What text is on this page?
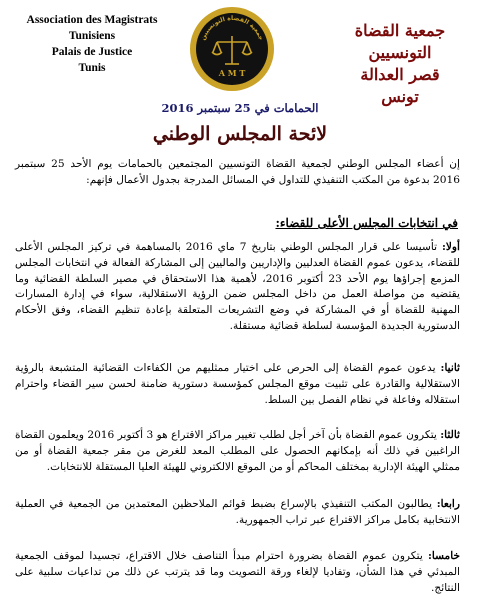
Association des Magistrats
Tunisiens
Palais de Justice
Tunis
جمعية القضاة التونسيين
A M T
جمعية القضاة التونسيين
قصر العدالة
تونس
الحمامات في 25 سبتمبر 2016
لائحة المجلس الوطني
إن أعضاء المجلس الوطني لجمعية القضاة التونسيين المجتمعين بالحمامات يوم الأحد 25 سبتمبر 2016 بدعوة من المكتب التنفيذي للتداول في المسائل المدرجة بجدول الأعمال فإنهم:
في انتخابات المجلس الأعلى للقضاء:
أولا: تأسيسا على قرار المجلس الوطني بتاريخ 7 ماي 2016 بالمساهمة في تركيز المجلس الأعلى للقضاء، يدعون عموم القضاة العدليين والإداريين والماليين إلى المشاركة الفعالة في انتخابات المجلس المزمع إجراؤها يوم الأحد 23 أكتوبر 2016، لأهمية هذا الاستحقاق في مصير السلطة القضائية وما يقتضيه من مواصلة العمل من داخل المجلس ضمن الرؤية الاستقلالية، سواء في إدارة المسارات المهنية للقضاة أو في المشاركة في وضع التشريعات المتعلقة بإعادة تنظيم القضاء، وفق الأحكام الدستورية الجديدة المؤسسة لسلطة قضائية مستقلة.
ثانيا: يدعون عموم القضاة إلى الحرص على اختيار ممثليهم من الكفاءات القضائية المتشبعة بالرؤية الاستقلالية والقادرة على تثبيت موقع المجلس كمؤسسة دستورية ضامنة لحسن سير القضاء واحترام استقلاله وفاعلة في نظام الفصل بين السلط.
ثالثا: يتكرون عموم القضاة بأن آخر أجل لطلب تغيير مراكز الاقتراع هو 3 أكتوبر 2016 ويعلمون القضاة الراغبين في ذلك أنه بإمكانهم الحصول على المطلب المعد للغرض من مقر جمعية القضاة أو من ممثلي الهيئة الإدارية بمختلف المحاكم أو من الموقع الالكتروني للهيئة العليا المستقلة للانتخابات.
رابعا: يطالبون المكتب التنفيذي بالإسراع بضبط قوائم الملاحظين المعتمدين من الجمعية في العملية الانتخابية بكامل مراكز الاقتراع عبر تراب الجمهورية.
خامسا: يتكرون عموم القضاة بضرورة احترام مبدأ التناصف خلال الاقتراع، تجسيدا لموقف الجمعية المبدئي في هذا الشأن، وتفاديا لإلغاء ورقة التصويت وما قد يترتب عن ذلك من تداعيات سلبية على النتائج.
